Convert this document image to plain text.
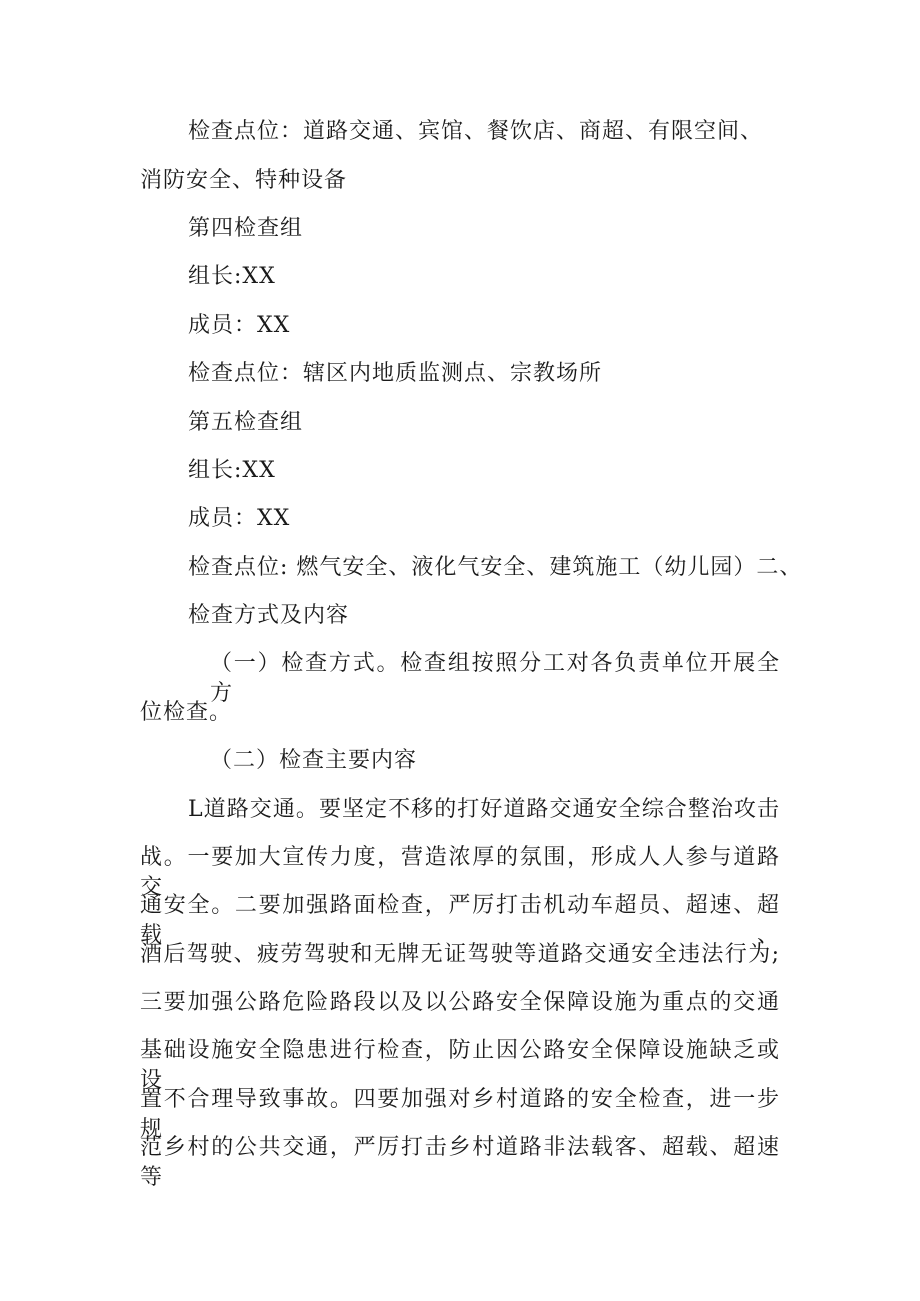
检查点位：道路交通、宾馆、餐饮店、商超、有限空间、
消防安全、特种设备
第四检查组
组长:XX
成员：XX
检查点位：辖区内地质监测点、宗教场所
第五检查组
组长:XX
成员：XX
检查点位: 燃气安全、液化气安全、建筑施工（幼儿园）二、
检查方式及内容
（一）检查方式。检查组按照分工对各负责单位开展全方
位检查。
（二）检查主要内容
L道路交通。要坚定不移的打好道路交通安全综合整治攻击
战。一要加大宣传力度，营造浓厚的氛围，形成人人参与道路交
通安全。二要加强路面检查，严厉打击机动车超员、超速、超载、
酒后驾驶、疲劳驾驶和无牌无证驾驶等道路交通安全违法行为;
三要加强公路危险路段以及以公路安全保障设施为重点的交通
基础设施安全隐患进行检查，防止因公路安全保障设施缺乏或设
置不合理导致事故。四要加强对乡村道路的安全检查，进一步规
范乡村的公共交通，严厉打击乡村道路非法载客、超载、超速等
